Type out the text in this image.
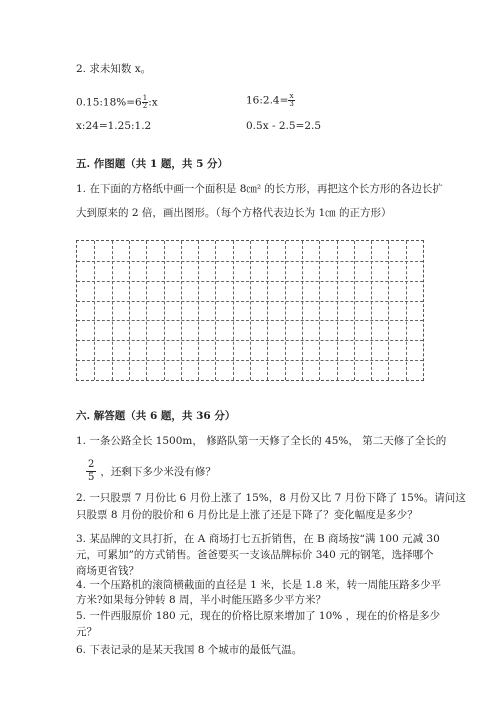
2. 求未知数 x。
0.15:18%=6 $\frac{1}{2}$ :x	16:2.4= $\frac{x}{3}$
x:24=1.25:1.2	0.5x - 2.5=2.5
五. 作图题（共 1 题，共 5 分）
1. 在下面的方格纸中画一个面积是 8㎝² 的长方形，再把这个长方形的各边长扩
大到原来的 2 倍，画出图形。（每个方格代表边长为 1㎝ 的正方形）
六. 解答题（共 6 题，共 36 分）
1. 一条公路全长 1500m， 修路队第一天修了全长的 45%， 第二天修了全长的
$\frac{2}{5}$ ，还剩下多少米没有修？
2. 一只股票 7 月份比 6 月份上涨了 15%，8 月份又比 7 月份下降了 15%。请问这
只股票 8 月份的股价和 6 月份比是上涨了还是下降了？变化幅度是多少？
3. 某品牌的文具打折，在 A 商场打七五折销售，在 B 商场按“满 100 元减 30
元，可累加”的方式销售。爸爸要买一支该品牌标价 340 元的钢笔，选择哪个
商场更省钱？
4. 一个压路机的滚筒横截面的直径是 1 米，长是 1.8 米，转一周能压路多少平
方米?如果每分钟转 8 周，半小时能压路多少平方米？
5. 一件西服原价 180 元，现在的价格比原来增加了 10% ，现在的价格是多少
元？
6. 下表记录的是某天我国 8 个城市的最低气温。
